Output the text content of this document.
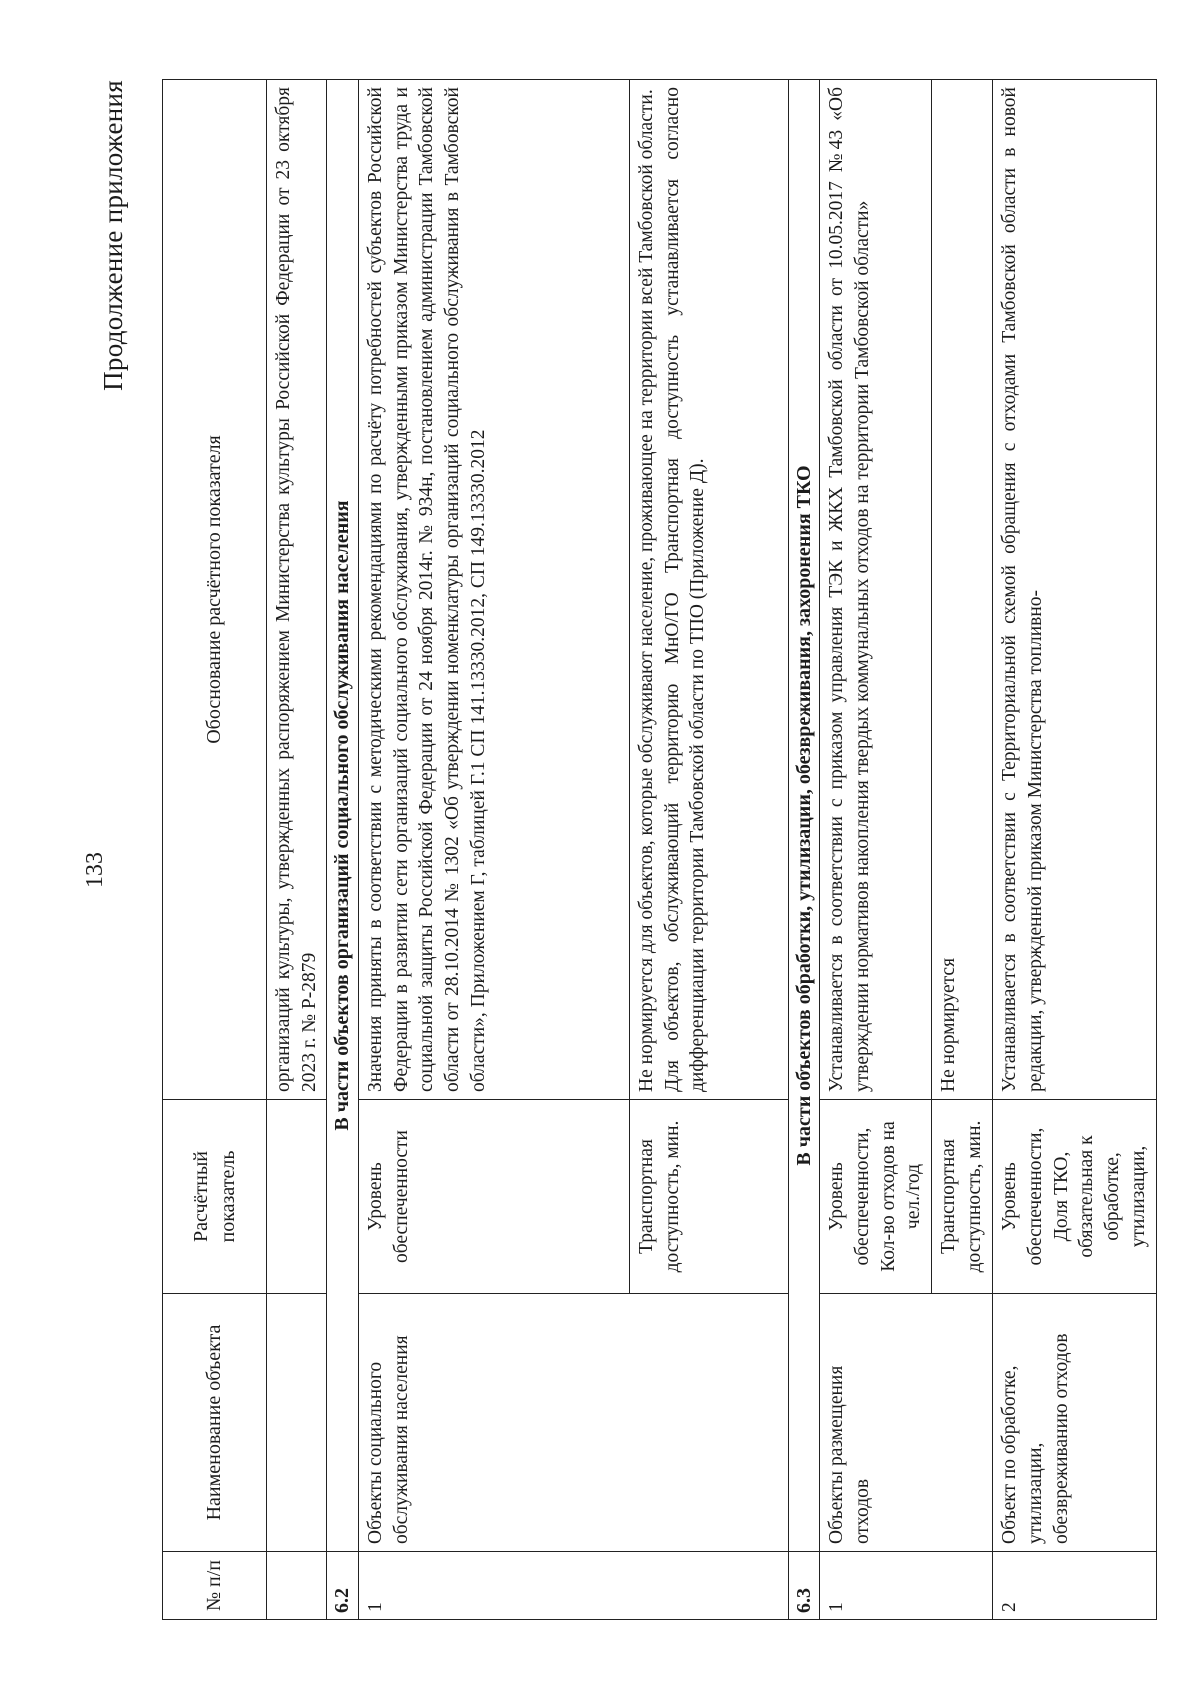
133
Продолжение приложения
№ п/п	Наименование объекта	Расчётный показатель	Обоснование расчётного показателя
			организаций культуры, утвержденных распоряжением Министерства культуры Российской Федерации от 23 октября 2023 г. № Р-2879
6.2	В части объектов организаций социального обслуживания населения		
1	Объекты социального обслуживания населения	Уровень обеспеченности	Значения приняты в соответствии с методическими рекомендациями по расчёту потребностей субъектов Российской Федерации в развитии сети организаций социального обслуживания, утвержденными приказом Министерства труда и социальной защиты Российской Федерации от 24 ноября 2014г. № 934н, постановлением администрации Тамбовской области от 28.10.2014 № 1302 «Об утверждении номенклатуры организаций социального обслуживания в Тамбовской области», Приложением Г, таблицей Г.1 СП 141.13330.2012, СП 149.13330.2012
		Транспортная доступность, мин.	Не нормируется для объектов, которые обслуживают население, проживающее на территории всей Тамбовской области. Для объектов, обслуживающий территорию МнО/ГО Транспортная доступность устанавливается согласно дифференциации территории Тамбовской области по ТПО (Приложение Д).

6.3	В части объектов обработки, утилизации, обезвреживания, захоронения ТКО		
1	Объекты размещения отходов	Уровень обеспеченности, Кол-во отходов на чел./год	Устанавливается в соответствии с приказом управления ТЭК и ЖКХ Тамбовской области от 10.05.2017 №43 «Об утверждении нормативов накопления твердых коммунальных отходов на территории Тамбовской области»
		Транспортная доступность, мин.	Не нормируется
2	Объект по обработке, утилизации, обезвреживанию отходов	Уровень обеспеченности, Доля ТКО, обязательная к обработке, утилизации,	Устанавливается в соответствии с Территориальной схемой обращения с отходами Тамбовской области в новой редакции, утвержденной приказом Министерства топливно-
